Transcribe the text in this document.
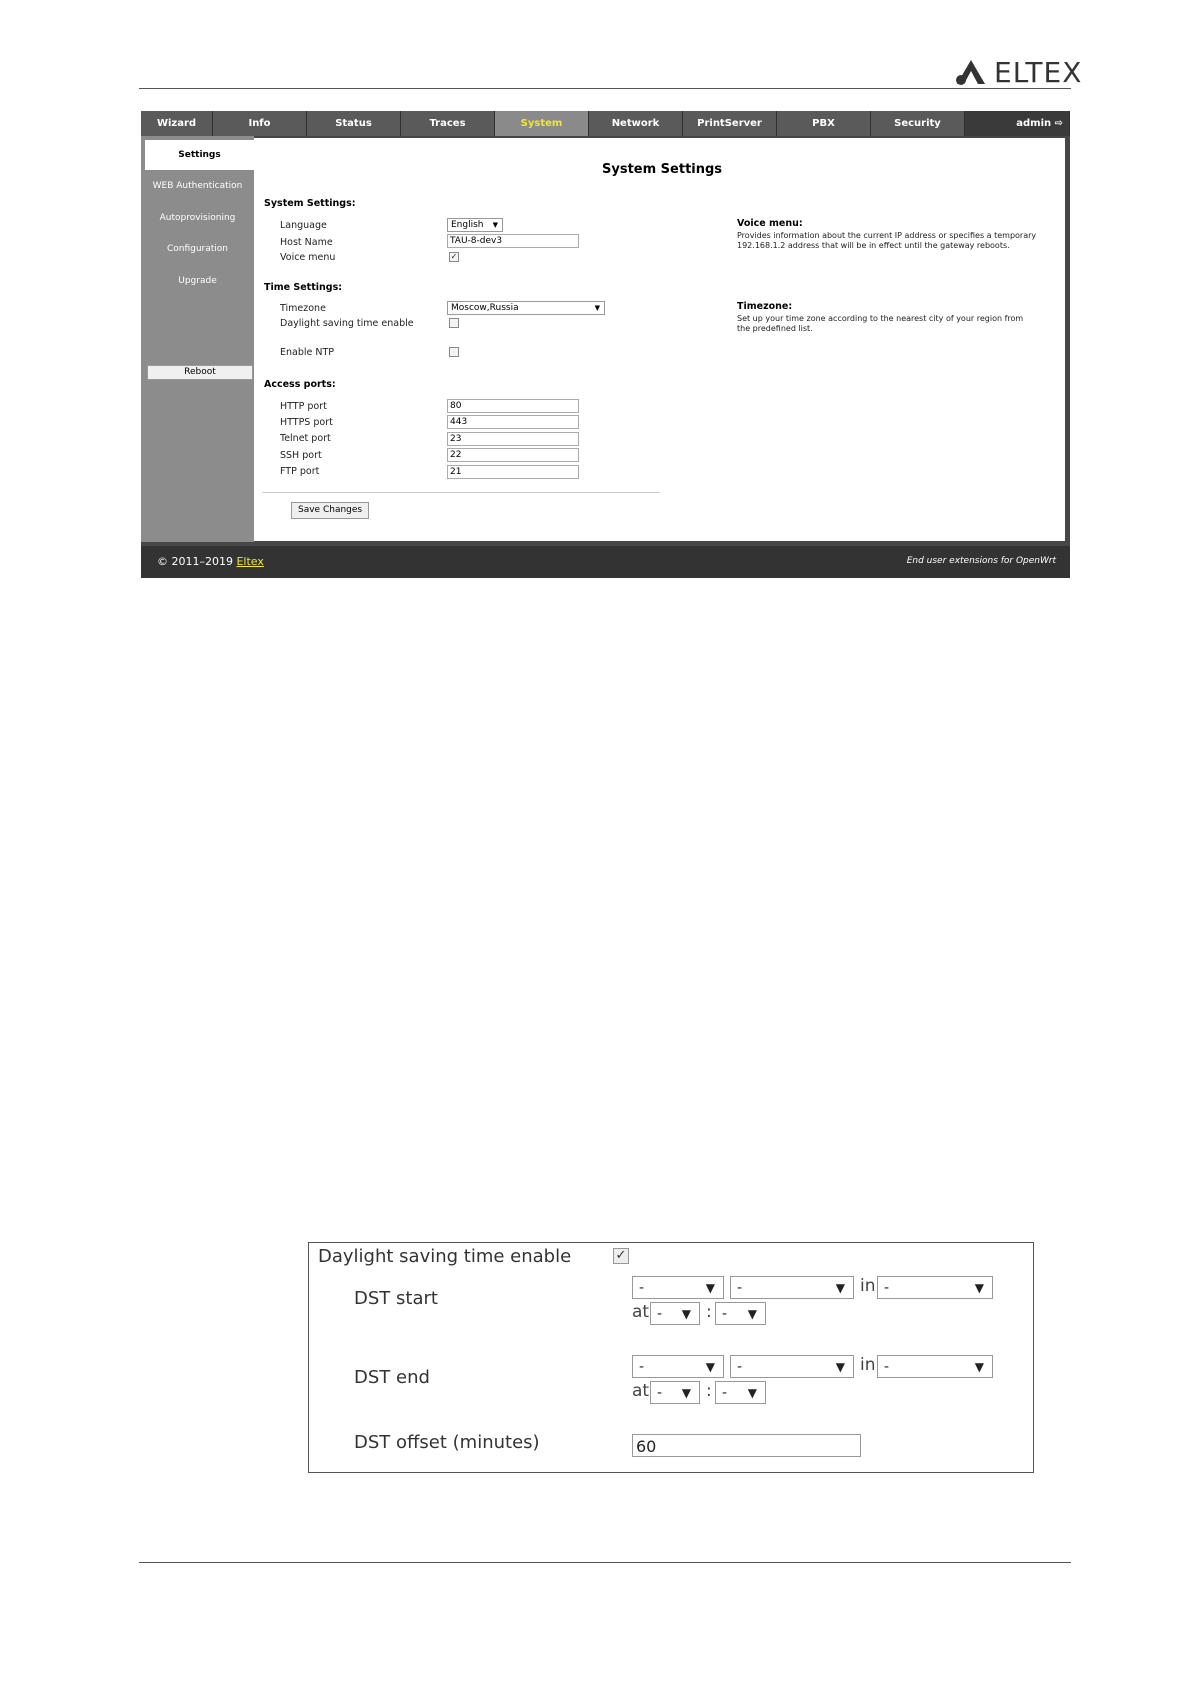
ELTEX
Wizard	Info	Status	Traces	System	Network	PrintServer	PBX	Security	admin ⇨
Settings
WEB Authentication
Autoprovisioning
Configuration
Upgrade
Reboot
System Settings
System Settings:
Language	English ▼
Host Name	TAU-8-dev3
Voice menu	✓
Time Settings:
Timezone	Moscow,Russia	▼
Daylight saving time enable
Enable NTP
Access ports:
HTTP port	80
HTTPS port	443
Telnet port	23
SSH port	22
FTP port	21
Save Changes
Voice menu:
Provides information about the current IP address or specifies a temporary 192.168.1.2 address that will be in effect until the gateway reboots.
Timezone:
Set up your time zone according to the nearest city of your region from the predefined list.
© 2011–2019 Eltex	End user extensions for OpenWrt
Daylight saving time enable	✓
DST start	-	▼	-	▼ in -	▼
at - ▼ : - ▼
DST end	-	▼	-	▼ in -	▼
at - ▼ : - ▼
DST offset (minutes)	60
